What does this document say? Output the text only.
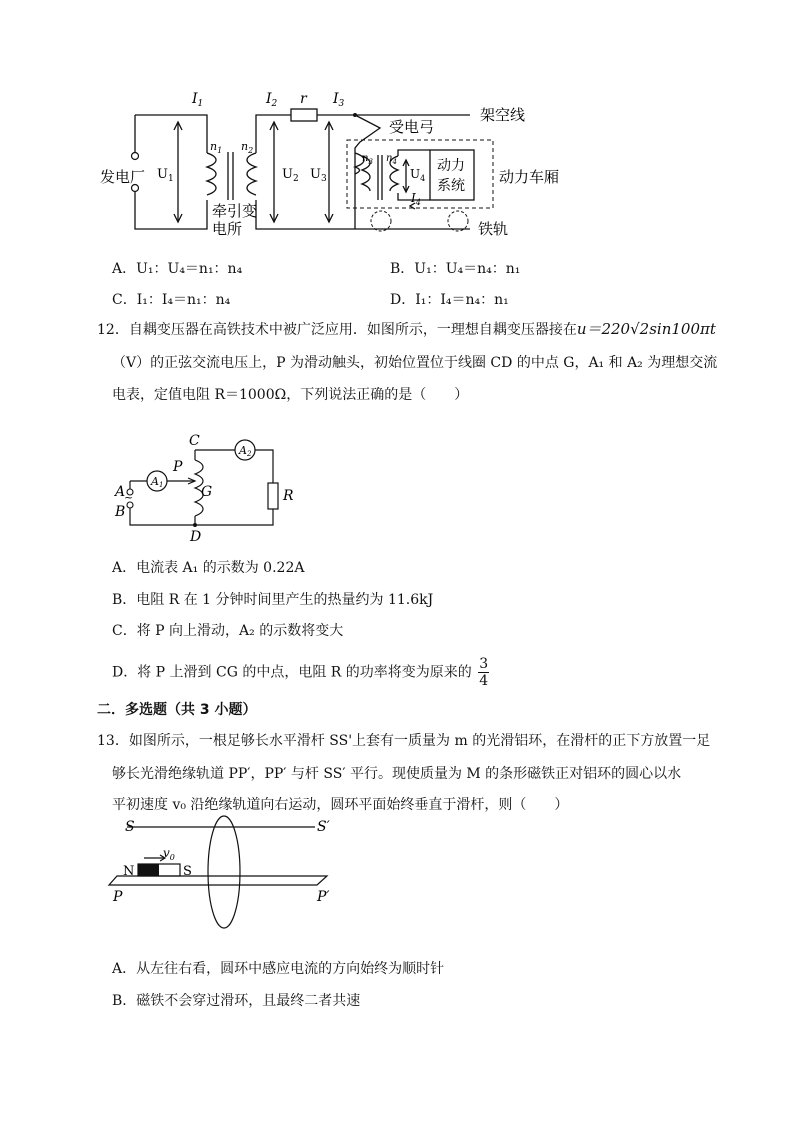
$I_1$	$I_2$ r $I_3$
架空线
受电弓
发电厂 $U_1$
$n_1$ $n_2$
$U_2$ $U_3$
$n_3$ $n_4$
$U_4$
动力
系统 动力车厢
牵引变
电所
$I_4$
铁轨
A．U₁：U₄＝n₁：n₄	B．U₁：U₄＝n₄：n₁
C．I₁：I₄＝n₁：n₄	D．I₁：I₄＝n₄：n₁
12．自耦变压器在高铁技术中被广泛应用．如图所示，一理想自耦变压器接在u＝220√2sin100πt
（V）的正弦交流电压上，P 为滑动触头，初始位置位于线圈 CD 的中点 G，A₁ 和 A₂ 为理想交流
电表，定值电阻 R＝1000Ω，下列说法正确的是（　　）
C
A2
P
A1
A	G	R
~
B
D
A．电流表 A₁ 的示数为 0.22A
B．电阻 R 在 1 分钟时间里产生的热量约为 11.6kJ
C．将 P 向上滑动，A₂ 的示数将变大
D．将 P 上滑到 CG 的中点，电阻 R 的功率将变为原来的 $\frac{3}{4}$
二．多选题（共 3 小题）
13．如图所示，一根足够长水平滑杆 SS'上套有一质量为 m 的光滑铝环，在滑杆的正下方放置一足
够长光滑绝缘轨道 PP′，PP′ 与杆 SS′ 平行。现使质量为 M 的条形磁铁正对铝环的圆心以水
平初速度 v₀ 沿绝缘轨道向右运动，圆环平面始终垂直于滑杆，则（　　）
S	S′
$v_0$
N	S
P	P′
A．从左往右看，圆环中感应电流的方向始终为顺时针
B．磁铁不会穿过滑环，且最终二者共速
